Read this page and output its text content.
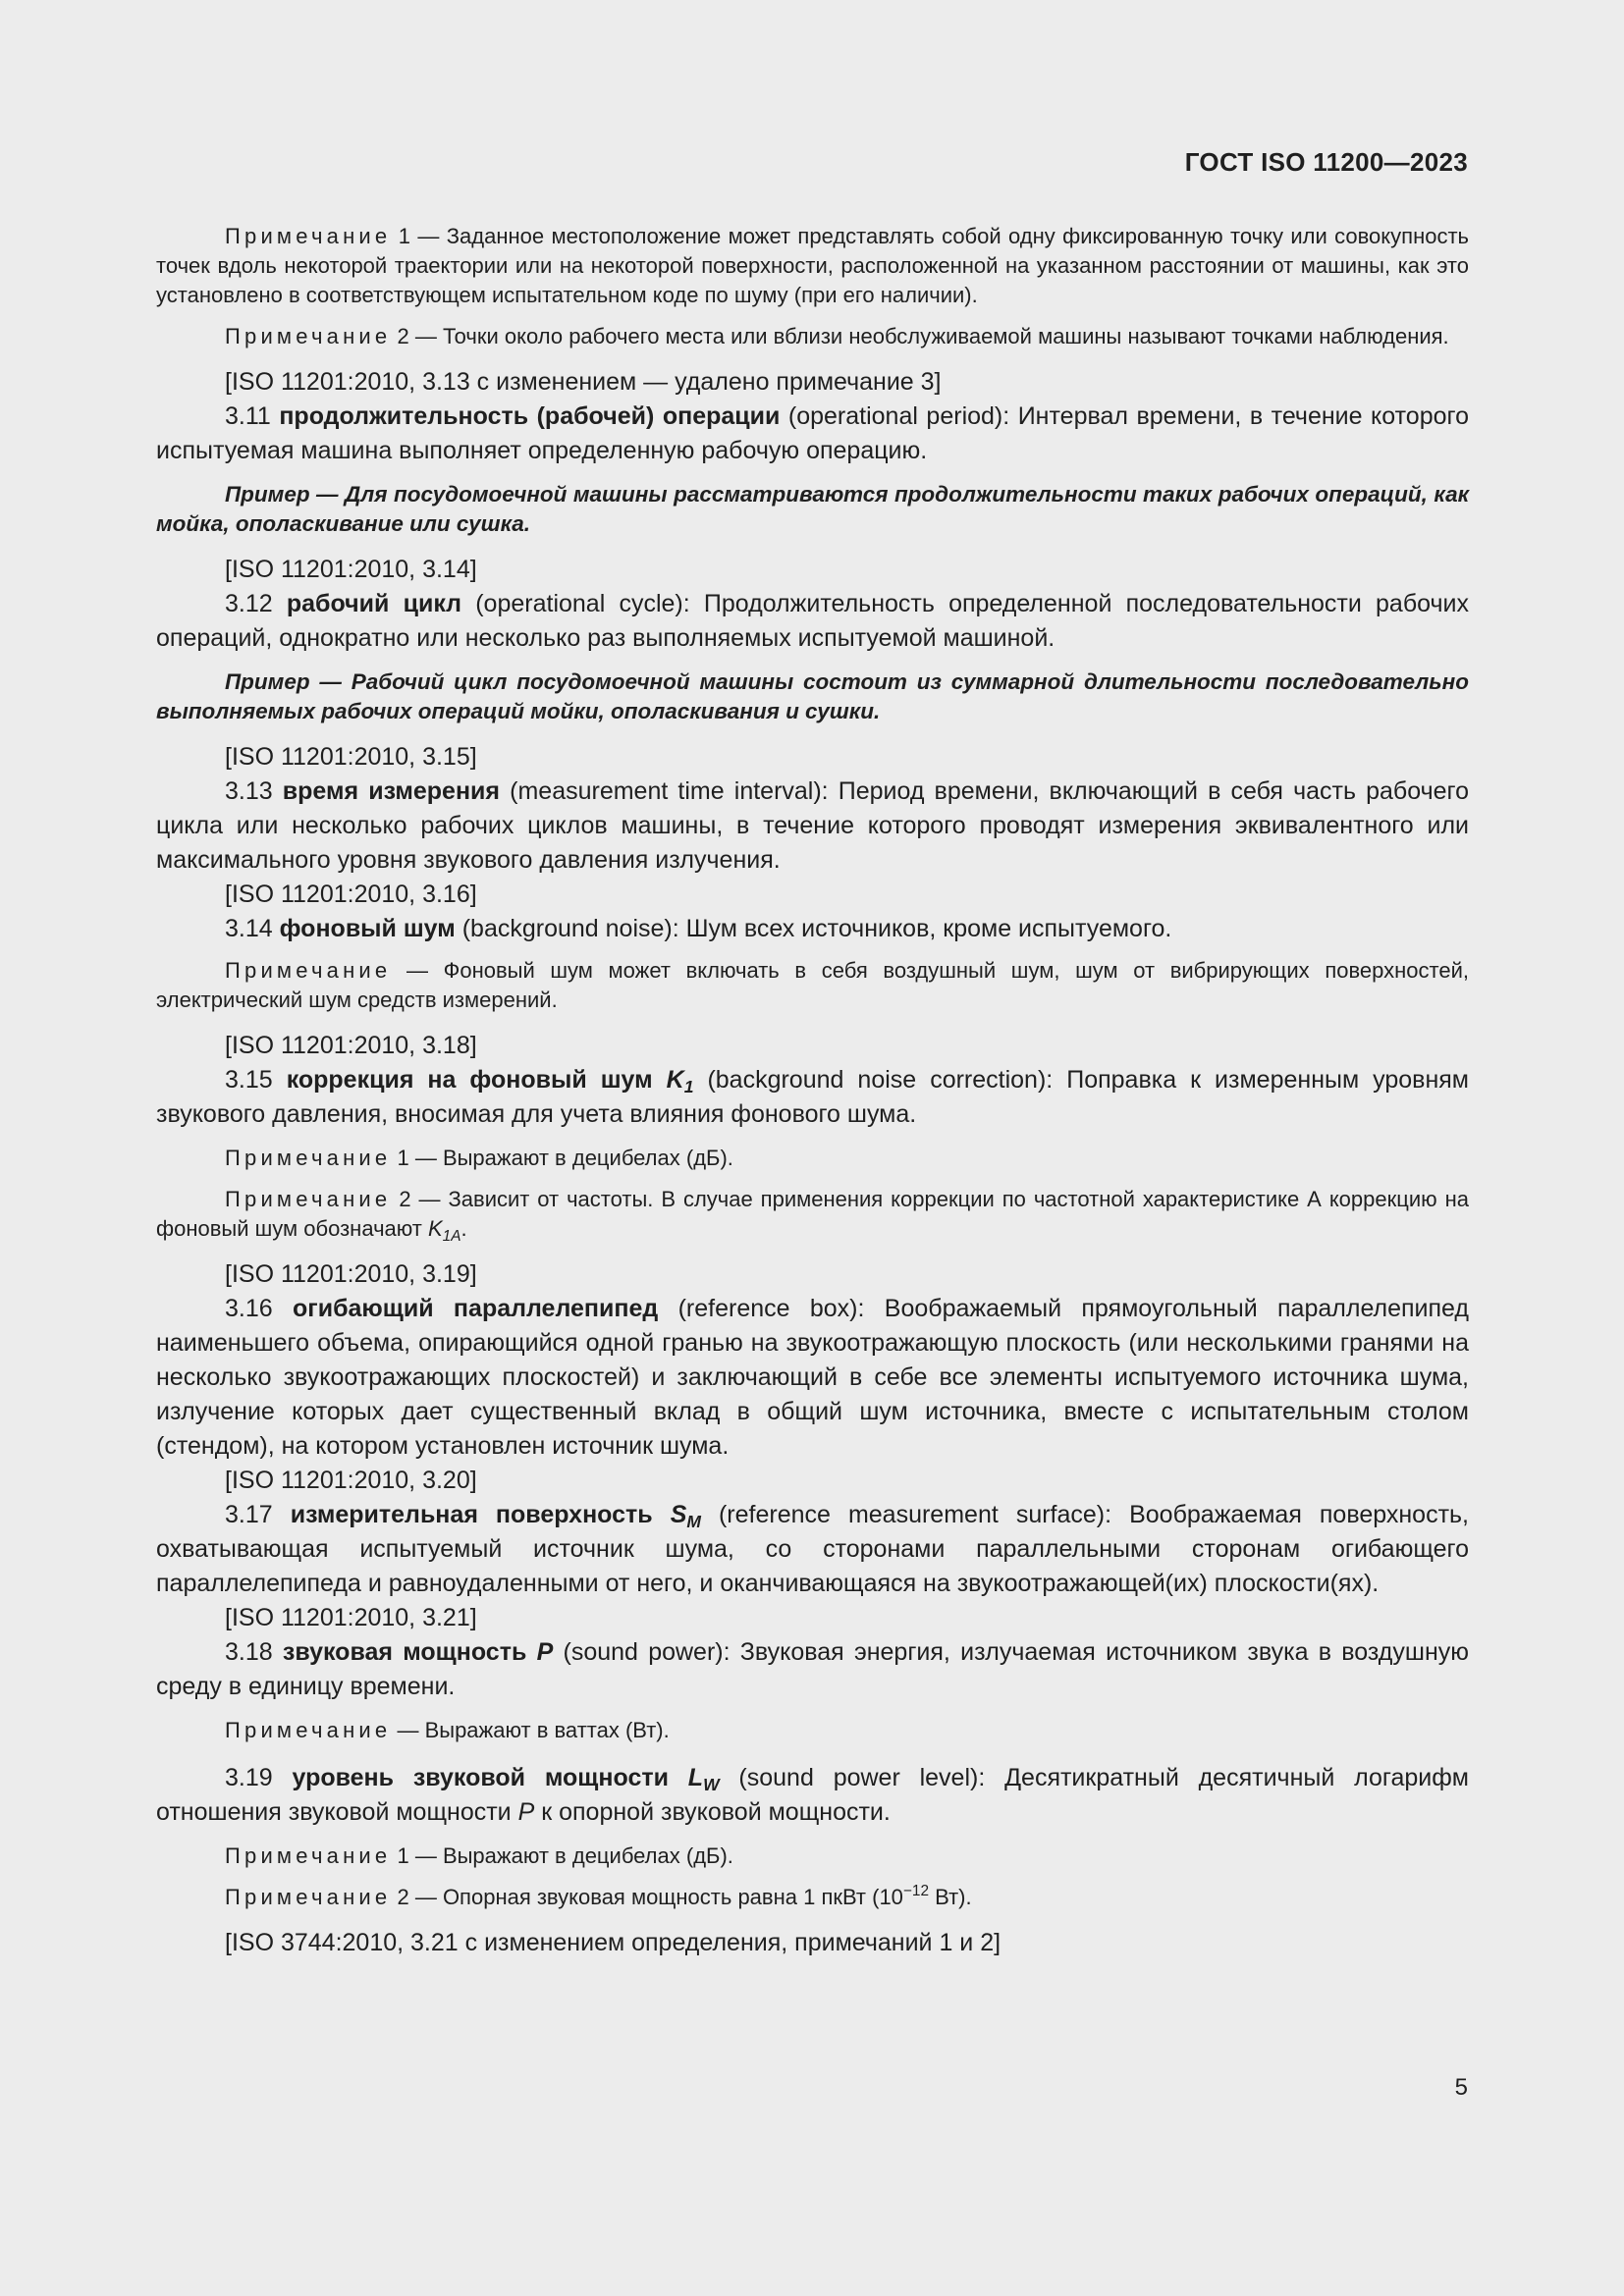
ГОСТ ISO 11200—2023

Примечание 1 — Заданное местоположение может представлять собой одну фиксированную точку или совокупность точек вдоль некоторой траектории или на некоторой поверхности, расположенной на указанном расстоянии от машины, как это установлено в соответствующем испытательном коде по шуму (при его наличии).

Примечание 2 — Точки около рабочего места или вблизи необслуживаемой машины называют точками наблюдения.

[ISO 11201:2010, 3.13 с изменением — удалено примечание 3]

3.11 продолжительность (рабочей) операции (operational period): Интервал времени, в течение которого испытуемая машина выполняет определенную рабочую операцию.

Пример — Для посудомоечной машины рассматриваются продолжительности таких рабочих операций, как мойка, ополаскивание или сушка.

[ISO 11201:2010, 3.14]

3.12 рабочий цикл (operational cycle): Продолжительность определенной последовательности рабочих операций, однократно или несколько раз выполняемых испытуемой машиной.

Пример — Рабочий цикл посудомоечной машины состоит из суммарной длительности последовательно выполняемых рабочих операций мойки, ополаскивания и сушки.

[ISO 11201:2010, 3.15]

3.13 время измерения (measurement time interval): Период времени, включающий в себя часть рабочего цикла или несколько рабочих циклов машины, в течение которого проводят измерения эквивалентного или максимального уровня звукового давления излучения.

[ISO 11201:2010, 3.16]

3.14 фоновый шум (background noise): Шум всех источников, кроме испытуемого.

Примечание — Фоновый шум может включать в себя воздушный шум, шум от вибрирующих поверхностей, электрический шум средств измерений.

[ISO 11201:2010, 3.18]

3.15 коррекция на фоновый шум $K_1$ (background noise correction): Поправка к измеренным уровням звукового давления, вносимая для учета влияния фонового шума.

Примечание 1 — Выражают в децибелах (дБ).

Примечание 2 — Зависит от частоты. В случае применения коррекции по частотной характеристике А коррекцию на фоновый шум обозначают $K_{1A}$.

[ISO 11201:2010, 3.19]

3.16 огибающий параллелепипед (reference box): Воображаемый прямоугольный параллелепипед наименьшего объема, опирающийся одной гранью на звукоотражающую плоскость (или несколькими гранями на несколько звукоотражающих плоскостей) и заключающий в себе все элементы испытуемого источника шума, излучение которых дает существенный вклад в общий шум источника, вместе с испытательным столом (стендом), на котором установлен источник шума.

[ISO 11201:2010, 3.20]

3.17 измерительная поверхность $S_M$ (reference measurement surface): Воображаемая поверхность, охватывающая испытуемый источник шума, со сторонами параллельными сторонам огибающего параллелепипеда и равноудаленными от него, и оканчивающаяся на звукоотражающей(их) плоскости(ях).

[ISO 11201:2010, 3.21]

3.18 звуковая мощность P (sound power): Звуковая энергия, излучаемая источником звука в воздушную среду в единицу времени.

Примечание — Выражают в ваттах (Вт).

3.19 уровень звуковой мощности $L_W$ (sound power level): Десятикратный десятичный логарифм отношения звуковой мощности P к опорной звуковой мощности.

Примечание 1 — Выражают в децибелах (дБ).

Примечание 2 — Опорная звуковая мощность равна 1 пкВт ($10^{-12}$ Вт).

[ISO 3744:2010, 3.21 с изменением определения, примечаний 1 и 2]

5
